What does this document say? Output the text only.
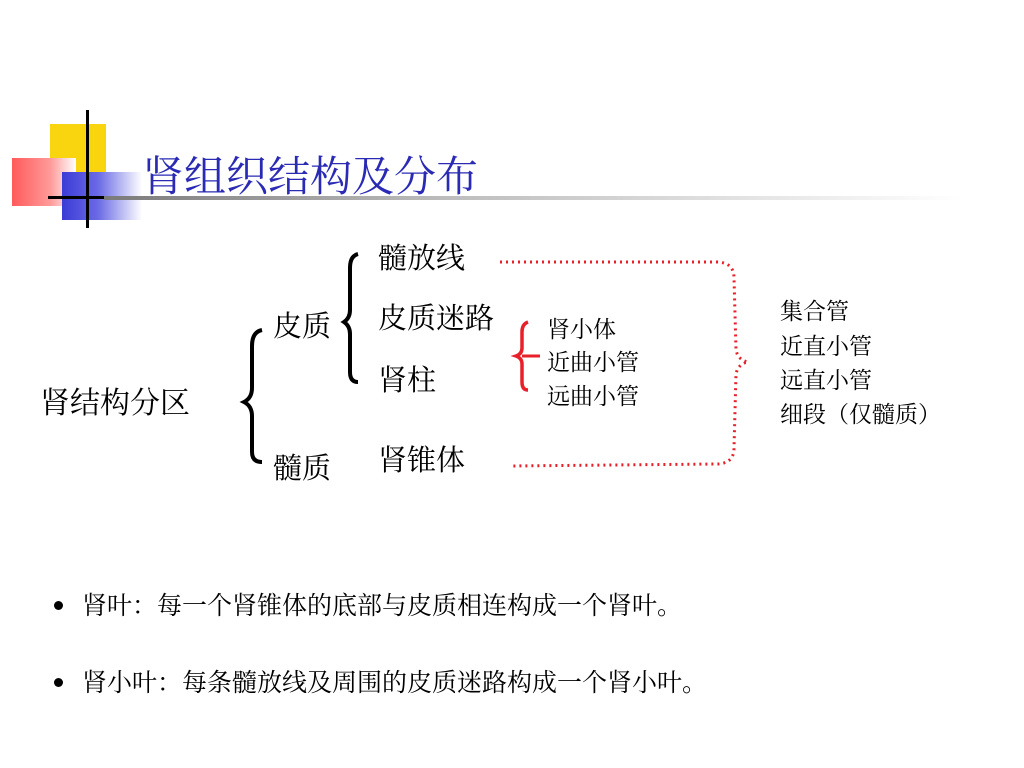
肾组织结构及分布
肾结构分区
皮质
髓质
髓放线
皮质迷路
肾柱
肾锥体
肾小体
近曲小管
远曲小管
集合管
近直小管
远直小管
细段（仅髓质）
肾叶：每一个肾锥体的底部与皮质相连构成一个肾叶。
肾小叶：每条髓放线及周围的皮质迷路构成一个肾小叶。
